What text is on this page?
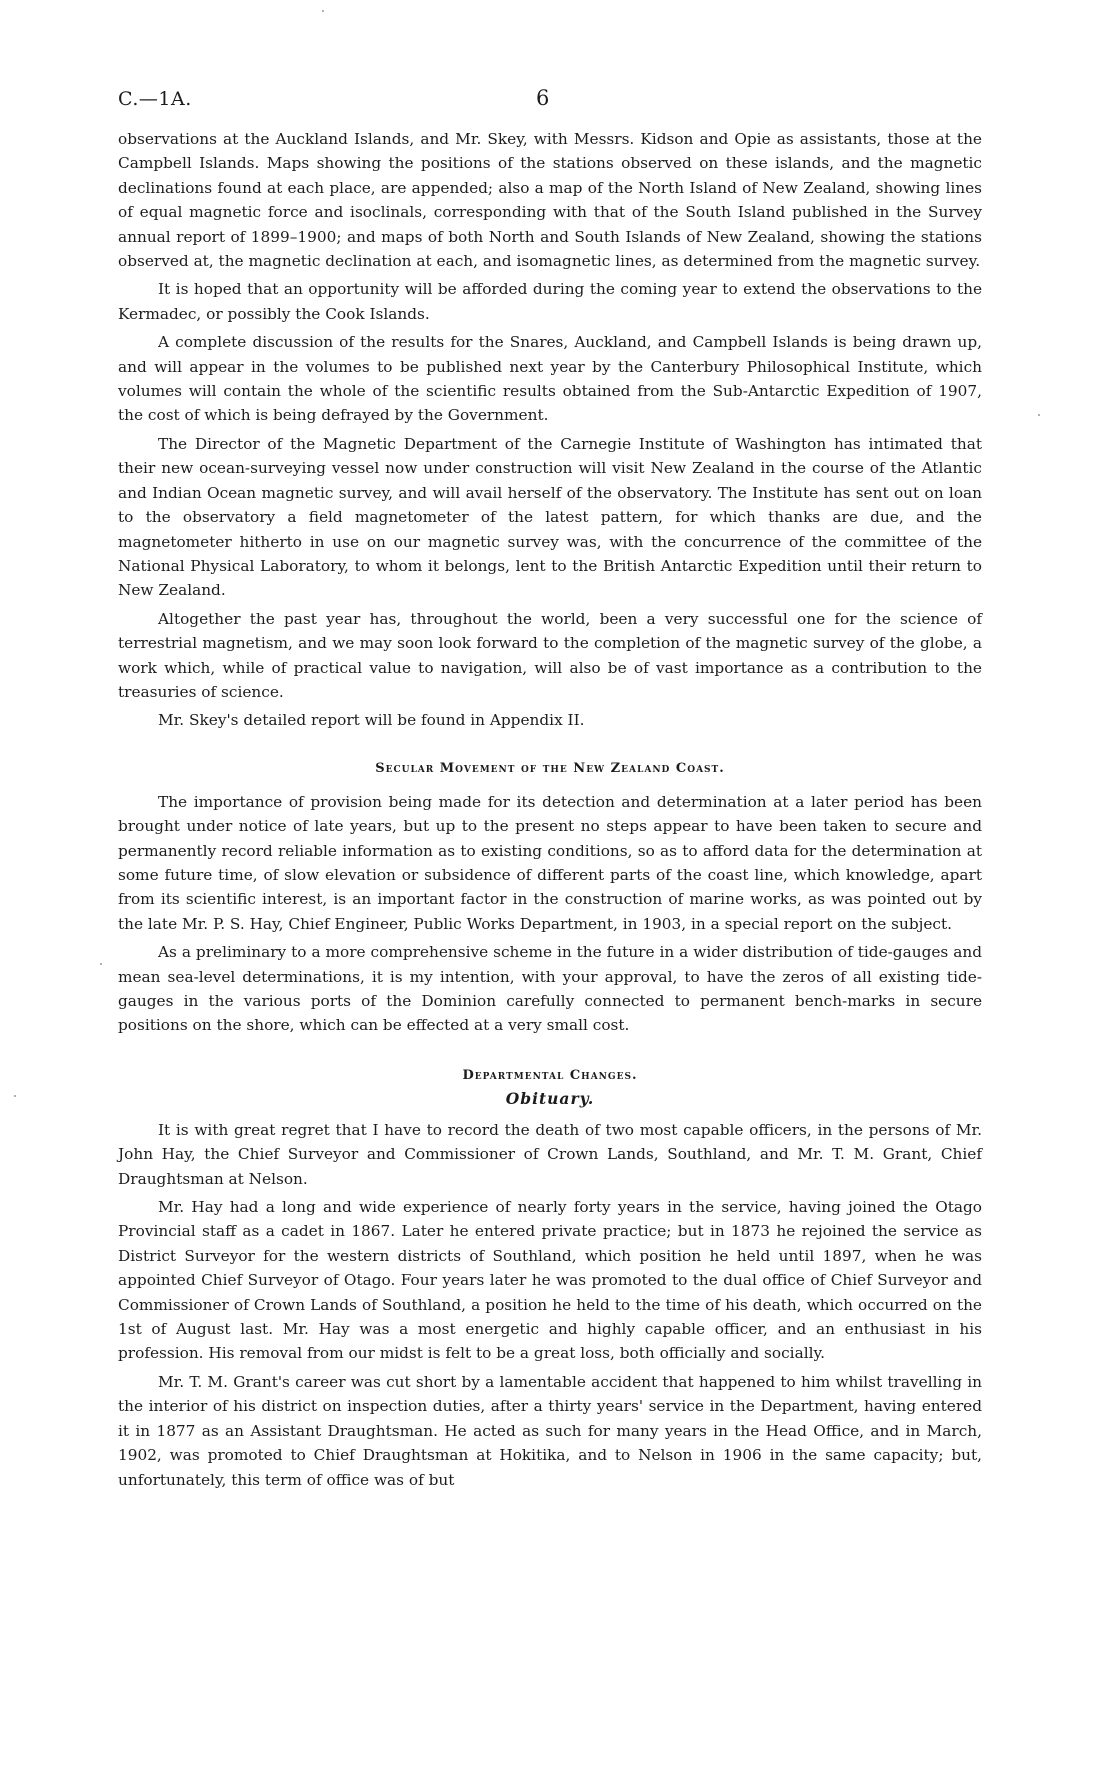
C.—1A.	6

observations at the Auckland Islands, and Mr. Skey, with Messrs. Kidson and Opie as assistants, those at the Campbell Islands. Maps showing the positions of the stations observed on these islands, and the magnetic declinations found at each place, are appended; also a map of the North Island of New Zealand, showing lines of equal magnetic force and isoclinals, corresponding with that of the South Island published in the Survey annual report of 1899–1900; and maps of both North and South Islands of New Zealand, showing the stations observed at, the magnetic declination at each, and isomagnetic lines, as determined from the magnetic survey.

It is hoped that an opportunity will be afforded during the coming year to extend the observations to the Kermadec, or possibly the Cook Islands.

A complete discussion of the results for the Snares, Auckland, and Campbell Islands is being drawn up, and will appear in the volumes to be published next year by the Canterbury Philosophical Institute, which volumes will contain the whole of the scientific results obtained from the Sub-Antarctic Expedition of 1907, the cost of which is being defrayed by the Government.

The Director of the Magnetic Department of the Carnegie Institute of Washington has intimated that their new ocean-surveying vessel now under construction will visit New Zealand in the course of the Atlantic and Indian Ocean magnetic survey, and will avail herself of the observatory. The Institute has sent out on loan to the observatory a field magnetometer of the latest pattern, for which thanks are due, and the magnetometer hitherto in use on our magnetic survey was, with the concurrence of the committee of the National Physical Laboratory, to whom it belongs, lent to the British Antarctic Expedition until their return to New Zealand.

Altogether the past year has, throughout the world, been a very successful one for the science of terrestrial magnetism, and we may soon look forward to the completion of the magnetic survey of the globe, a work which, while of practical value to navigation, will also be of vast importance as a contribution to the treasuries of science.

Mr. Skey's detailed report will be found in Appendix II.

Secular Movement of the New Zealand Coast.

The importance of provision being made for its detection and determination at a later period has been brought under notice of late years, but up to the present no steps appear to have been taken to secure and permanently record reliable information as to existing conditions, so as to afford data for the determination at some future time, of slow elevation or subsidence of different parts of the coast line, which knowledge, apart from its scientific interest, is an important factor in the construction of marine works, as was pointed out by the late Mr. P. S. Hay, Chief Engineer, Public Works Department, in 1903, in a special report on the subject.

As a preliminary to a more comprehensive scheme in the future in a wider distribution of tide-gauges and mean sea-level determinations, it is my intention, with your approval, to have the zeros of all existing tide-gauges in the various ports of the Dominion carefully connected to permanent bench-marks in secure positions on the shore, which can be effected at a very small cost.

Departmental Changes.
Obituary.

It is with great regret that I have to record the death of two most capable officers, in the persons of Mr. John Hay, the Chief Surveyor and Commissioner of Crown Lands, Southland, and Mr. T. M. Grant, Chief Draughtsman at Nelson.

Mr. Hay had a long and wide experience of nearly forty years in the service, having joined the Otago Provincial staff as a cadet in 1867. Later he entered private practice; but in 1873 he rejoined the service as District Surveyor for the western districts of Southland, which position he held until 1897, when he was appointed Chief Surveyor of Otago. Four years later he was promoted to the dual office of Chief Surveyor and Commissioner of Crown Lands of Southland, a position he held to the time of his death, which occurred on the 1st of August last. Mr. Hay was a most energetic and highly capable officer, and an enthusiast in his profession. His removal from our midst is felt to be a great loss, both officially and socially.

Mr. T. M. Grant's career was cut short by a lamentable accident that happened to him whilst travelling in the interior of his district on inspection duties, after a thirty years' service in the Department, having entered it in 1877 as an Assistant Draughtsman. He acted as such for many years in the Head Office, and in March, 1902, was promoted to Chief Draughtsman at Hokitika, and to Nelson in 1906 in the same capacity; but, unfortunately, this term of office was of but
